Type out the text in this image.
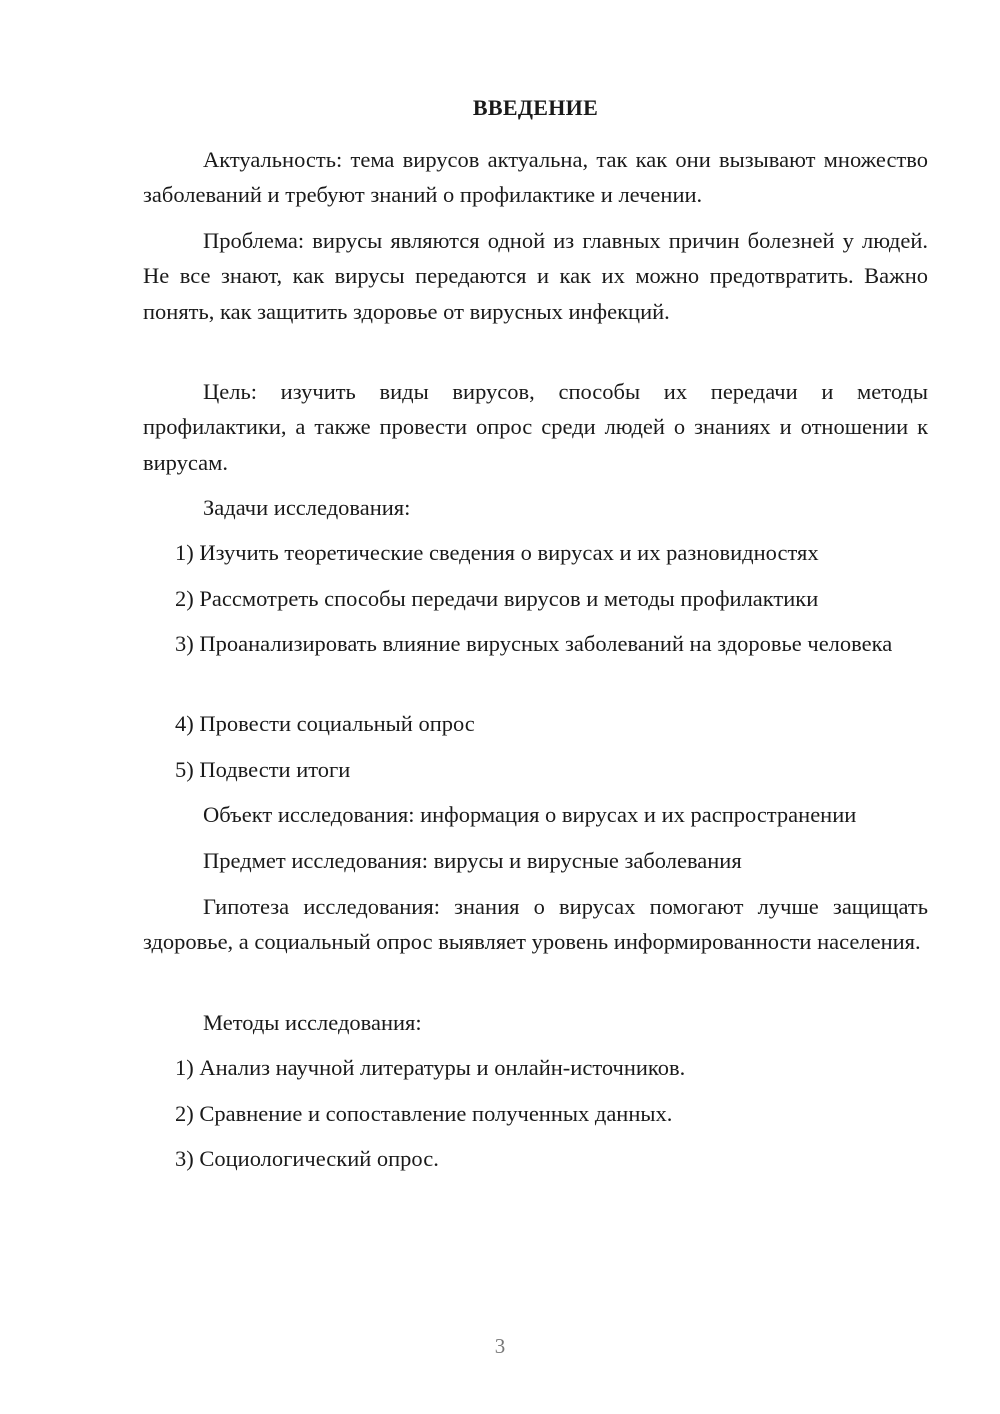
ВВЕДЕНИЕ

Актуальность: тема вирусов актуальна, так как они вызывают множество заболеваний и требуют знаний о профилактике и лечении.

Проблема: вирусы являются одной из главных причин болезней у людей. Не все знают, как вирусы передаются и как их можно предотвратить. Важно понять, как защитить здоровье от вирусных инфекций.

Цель: изучить виды вирусов, способы их передачи и методы профилактики, а также провести опрос среди людей о знаниях и отношении к вирусам.

Задачи исследования:

1) Изучить теоретические сведения о вирусах и их разновидностях

2) Рассмотреть способы передачи вирусов и методы профилактики

3) Проанализировать влияние вирусных заболеваний на здоровье человека

4) Провести социальный опрос

5) Подвести итоги

Объект исследования: информация о вирусах и их распространении

Предмет исследования: вирусы и вирусные заболевания

Гипотеза исследования: знания о вирусах помогают лучше защищать здоровье, а социальный опрос выявляет уровень информированности населения.

Методы исследования:

1) Анализ научной литературы и онлайн-источников.

2) Сравнение и сопоставление полученных данных.

3) Социологический опрос.

3
